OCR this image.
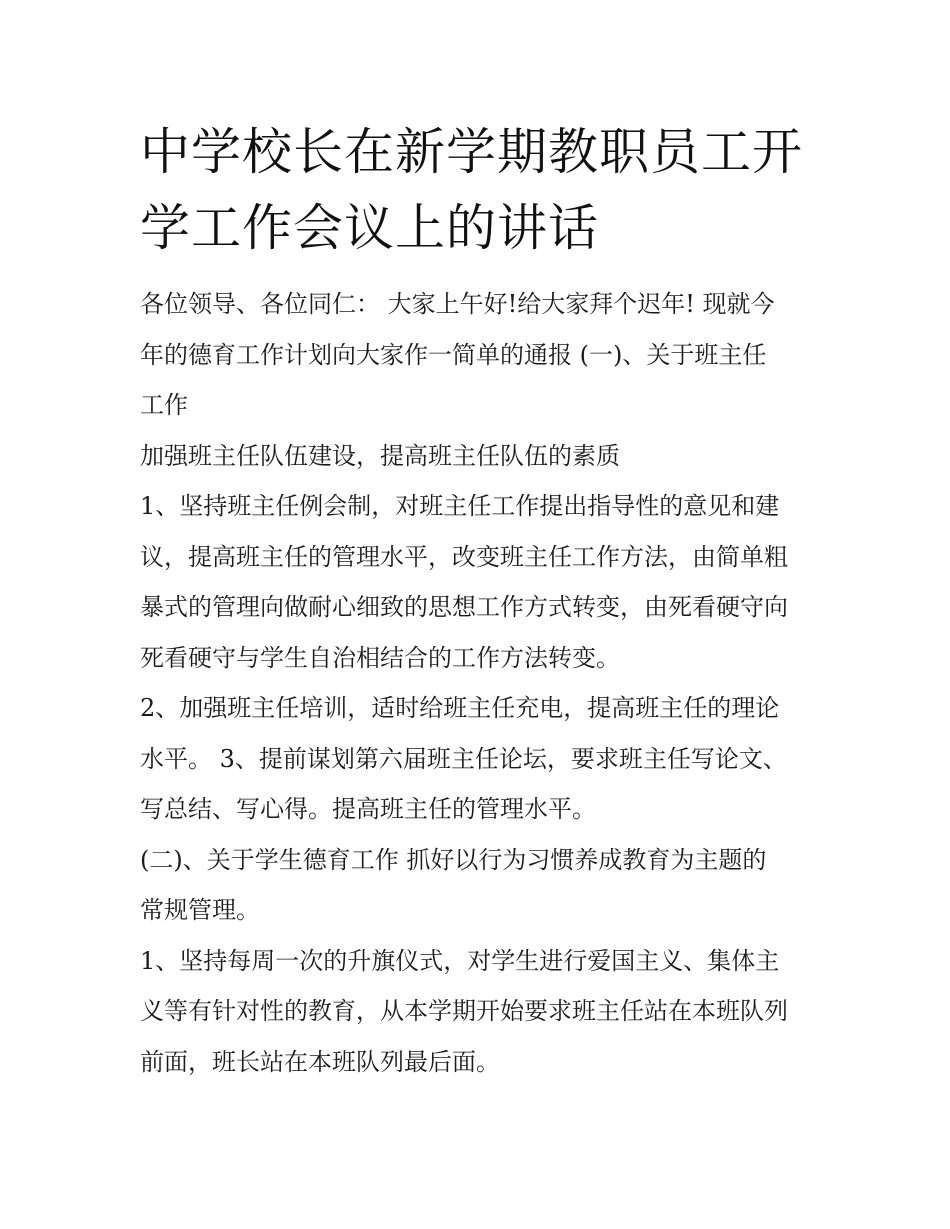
中学校长在新学期教职员工开
学工作会议上的讲话
各位领导、各位同仁： 大家上午好!给大家拜个迟年! 现就今
年的德育工作计划向大家作一简单的通报 (一)、关于班主任
工作
加强班主任队伍建设，提高班主任队伍的素质
1、坚持班主任例会制，对班主任工作提出指导性的意见和建
议，提高班主任的管理水平，改变班主任工作方法，由简单粗
暴式的管理向做耐心细致的思想工作方式转变，由死看硬守向
死看硬守与学生自治相结合的工作方法转变。
2、加强班主任培训，适时给班主任充电，提高班主任的理论
水平。 3、提前谋划第六届班主任论坛，要求班主任写论文、
写总结、写心得。提高班主任的管理水平。
(二)、关于学生德育工作 抓好以行为习惯养成教育为主题的
常规管理。
1、坚持每周一次的升旗仪式，对学生进行爱国主义、集体主
义等有针对性的教育，从本学期开始要求班主任站在本班队列
前面，班长站在本班队列最后面。
